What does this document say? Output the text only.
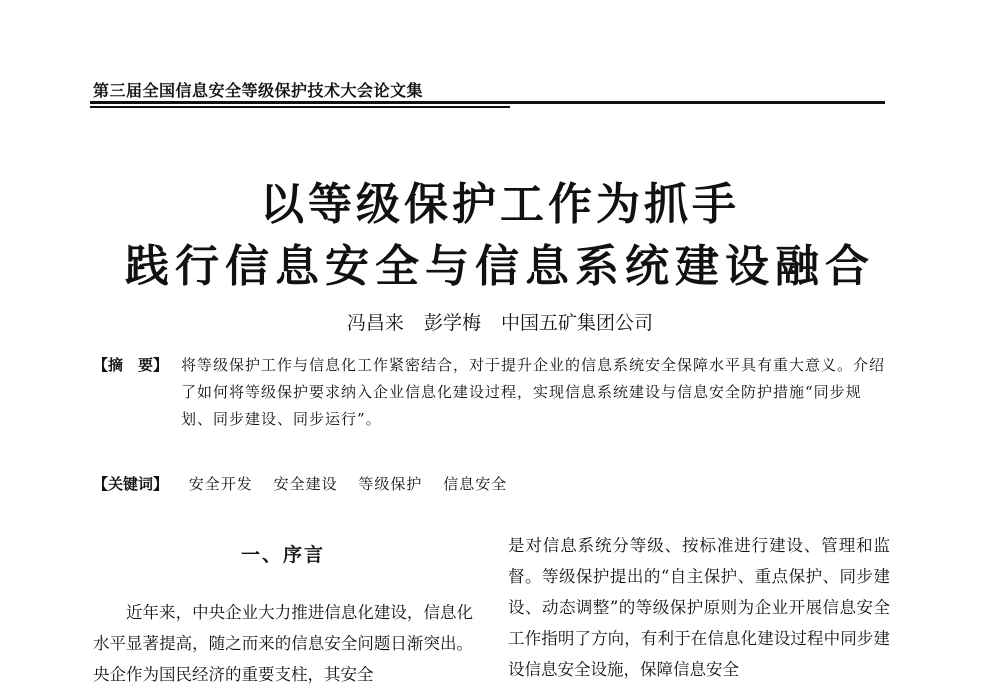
第三届全国信息安全等级保护技术大会论文集
以等级保护工作为抓手
践行信息安全与信息系统建设融合
冯昌来 彭学梅 中国五矿集团公司
【摘　要】 将等级保护工作与信息化工作紧密结合，对于提升企业的信息系统安全保障水平具有重大意义。介绍了如何将等级保护要求纳入企业信息化建设过程，实现信息系统建设与信息安全防护措施“同步规划、同步建设、同步运行”。
【关键词】 安全开发 安全建设 等级保护 信息安全
一、序言

近年来，中央企业大力推进信息化建设，信息化水平显著提高，随之而来的信息安全问题日渐突出。央企作为国民经济的重要支柱，其安全

是对信息系统分等级、按标准进行建设、管理和监督。等级保护提出的“自主保护、重点保护、同步建设、动态调整”的等级保护原则为企业开展信息安全工作指明了方向，有利于在信息化建设过程中同步建设信息安全设施，保障信息安全
